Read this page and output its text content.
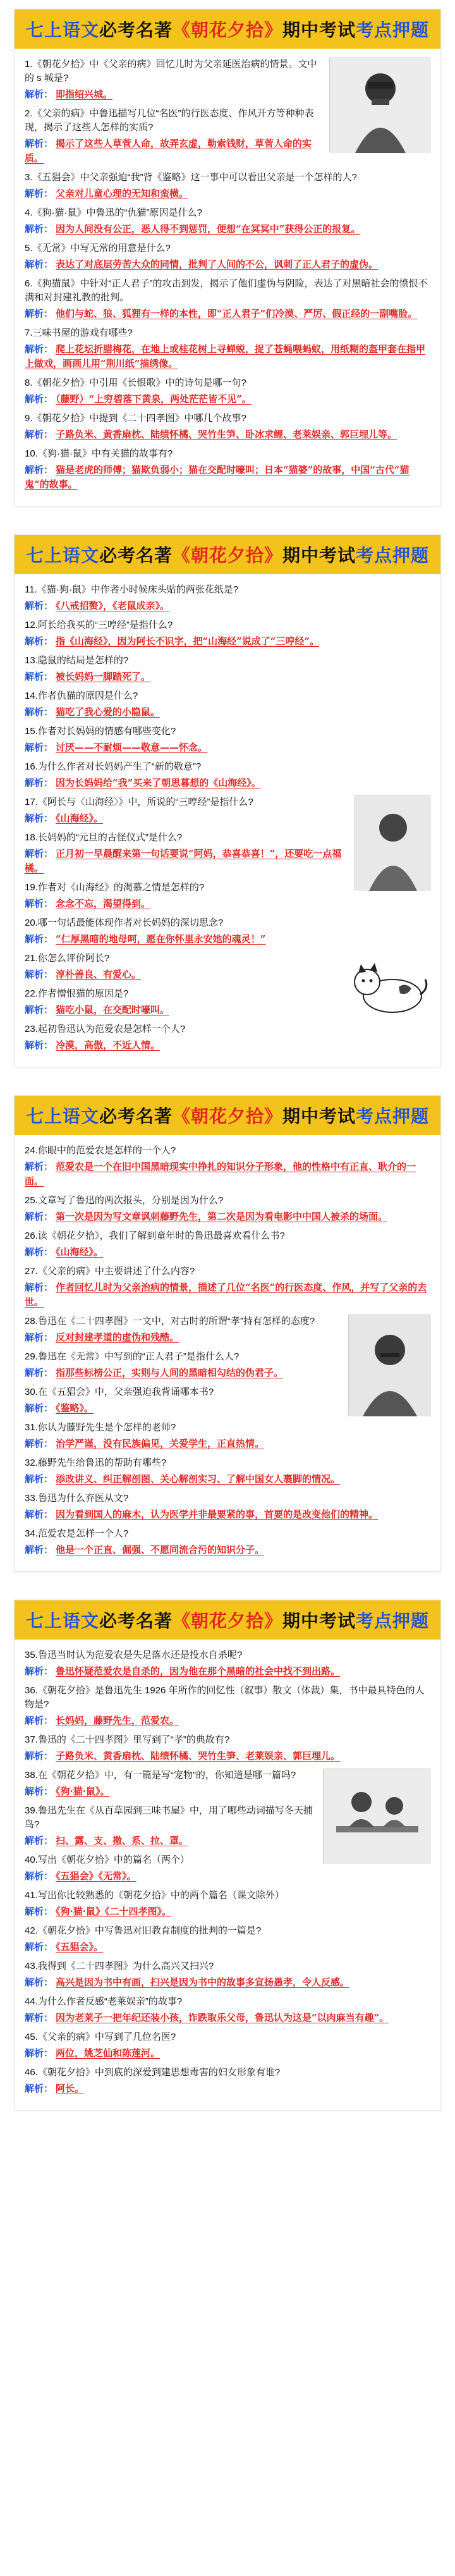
七上语文 必考名著 《朝花夕拾》 期中考试 考点押题
1.《朝花夕拾》中《父亲的病》回忆儿时为父亲延医治病的情景。文中的 s 城是?
解析： 即指绍兴城。
2.《父亲的病》中鲁迅描写几位“名医”的行医态度、作风开方等种种表现，揭示了这些人怎样的实质?
解析： 揭示了这些人草菅人命，故弄玄虚，勒索钱财，草菅人命的实质。
3.《五猖会》中父亲强迫“我”背《鉴略》这一事中可以看出父亲是一个怎样的人?
解析： 父亲对儿童心理的无知和蛮横。
4.《狗·猫·鼠》中鲁迅的“仇猫”原因是什么?
解析： 因为人间没有公正，恶人得不到惩罚，便想“在冥冥中”获得公正的报复。
5.《无常》中写无常的用意是什么?
解析： 表达了对底层劳苦大众的同情，批判了人间的不公，讽刺了正人君子的虚伪。
6.《狗猫鼠》中针对“正人君子”的攻击到发，揭示了他们虚伪与阴险，表达了对黑暗社会的愤恨不满和对封建礼教的批判。
解析： 他们与蛇、狼、狐狸有一样的本性，即“正人君子”们冷漠、严厉、假正经的一副嘴脸。
7.三味书屋的游戏有哪些?
解析： 爬上花坛折腊梅花，在地上或桂花树上寻蝉蜕，捉了苍蝇喂蚂蚁，用纸糊的盔甲套在指甲上做戏，画画儿用“荆川纸”描绣像。
8.《朝花夕拾》中引用《长恨歌》中的诗句是哪一句?
解析： （藤野）“上穷碧落下黄泉，两处茫茫皆不见”。
9.《朝花夕拾》中提到《二十四孝图》中哪几个故事?
解析： 子路负米、黄香扇枕、陆绩怀橘、哭竹生笋、卧冰求鲤、老莱娱亲、郭巨埋儿等。
10.《狗·猫·鼠》中有关猫的故事有?
解析： 猫是老虎的师傅；猫欺负弱小；猫在交配时嚎叫；日本“猫婆”的故事，中国“古代“猫鬼”的故事。
七上语文 必考名著 《朝花夕拾》 期中考试 考点押题
11.《猫·狗·鼠》中作者小时候床头贴的两张花纸是?
解析： 《八戒招赘》，《老鼠成亲》。
12.阿长给我买的“三哼经”是指什么?
解析： 指《山海经》，因为阿长不识字，把“山海经”说成了“三哼经”。
13.隐鼠的结局是怎样的?
解析： 被长妈妈一脚踏死了。
14.作者仇猫的原因是什么?
解析： 猫吃了我心爱的小隐鼠。
15.作者对长妈妈的情感有哪些变化?
解析： 讨厌——不耐烦——敬意——怀念。
16.为什么作者对长妈妈产生了“新的敬意”?
解析： 因为长妈妈给“我”买来了朝思暮想的《山海经》。
17.《阿长与〈山海经〉》中，所说的“三哼经”是指什么?
解析： 《山海经》。
18.长妈妈的“元旦的古怪仪式”是什么?
解析： 正月初一早晨醒来第一句话要说“阿妈，恭喜恭喜！”，还要吃一点福橘。
19.作者对《山海经》的渴慕之情是怎样的?
解析： 念念不忘，渴望得到。
20.哪一句话最能体现作者对长妈妈的深切思念?
解析： “仁厚黑暗的地母呵，愿在你怀里永安她的魂灵！”
21.你怎么评价阿长?
解析： 淳朴善良、有爱心。
22.作者憎恨猫的原因是?
解析： 猫吃小鼠，在交配时嚎叫。
23.起初鲁迅认为范爱农是怎样一个人?
解析： 冷漠，高傲，不近人情。
七上语文 必考名著 《朝花夕拾》 期中考试 考点押题
24.你眼中的范爱农是怎样的一个人?
解析： 范爱农是一个在旧中国黑暗现实中挣扎的知识分子形象，他的性格中有正直、耿介的一面。
25.文章写了鲁迅的两次报头，分别是因为什么?
解析： 第一次是因为写文章讽刺藤野先生，第二次是因为看电影中中国人被杀的场面。
26.读《朝花夕拾》，我们了解到童年时的鲁迅最喜欢看什么书?
解析： 《山海经》。
27.《父亲的病》中主要讲述了什么内容?
解析： 作者回忆儿时为父亲治病的情景，描述了几位“名医”的行医态度、作风，并写了父亲的去世。
28.鲁迅在《二十四孝图》一文中，对古时的所谓“孝”持有怎样的态度?
解析： 反对封建孝道的虚伪和残酷。
29.鲁迅在《无常》中写到的“正人君子”是指什么人?
解析： 指那些标榜公正，实则与人间的黑暗相勾结的伪君子。
30.在《五猖会》中，父亲强迫我背诵哪本书?
解析： 《鉴略》。
31.你认为藤野先生是个怎样的老师?
解析： 治学严谨，没有民族偏见，关爱学生，正直热情。
32.藤野先生给鲁迅的帮助有哪些?
解析： 添改讲义、纠正解剖图、关心解剖实习、了解中国女人裹脚的情况。
33.鲁迅为什么弃医从文?
解析： 因为看到国人的麻木，认为医学并非最要紧的事，首要的是改变他们的精神。
34.范爱农是怎样一个人?
解析： 他是一个正直、倔强、不愿同流合污的知识分子。
七上语文 必考名著 《朝花夕拾》 期中考试 考点押题
35.鲁迅当时认为范爱农是失足落水还是投水自杀呢?
解析： 鲁迅怀疑范爱农是自杀的，因为他在那个黑暗的社会中找不到出路。
36.《朝花夕拾》是鲁迅先生 1926 年所作的回忆性（叙事）散文（体裁）集，书中最具特色的人物是?
解析： 长妈妈，藤野先生，范爱农。
37.鲁迅的《二十四孝图》里写到了“孝”的典故有?
解析： 子路负米、黄香扇枕、陆绩怀橘、哭竹生笋、老莱娱亲、郭巨埋儿。
38.在《朝花夕拾》中，有一篇是写“宠物”的，你知道是哪一篇吗?
解析： 《狗·猫·鼠》。
39.鲁迅先生在《从百草园到三味书屋》中，用了哪些动词描写冬天捕鸟?
解析： 扫、露、支、撒、系、拉、罩。
40.写出《朝花夕拾》中的篇名（两个）
解析： 《五猖会》《无常》。
41.写出你比较熟悉的《朝花夕拾》中的两个篇名（课文除外）
解析： 《狗·猫·鼠》《二十四孝图》。
42.《朝花夕拾》中写鲁迅对旧教育制度的批判的一篇是?
解析： 《五猖会》。
43.我得到《二十四孝图》为什么高兴又扫兴?
解析： 高兴是因为书中有画，扫兴是因为书中的故事多宣扬愚孝，令人反感。
44.为什么作者反感“老莱娱亲”的故事?
解析： 因为老莱子一把年纪还装小孩，诈跌取乐父母，鲁迅认为这是“以肉麻当有趣”。
45.《父亲的病》中写到了几位名医?
解析： 两位，姚芝仙和陈莲河。
46.《朝花夕拾》中到底的深爱到建思想毒害的妇女形象有谁?
解析： 阿长。
